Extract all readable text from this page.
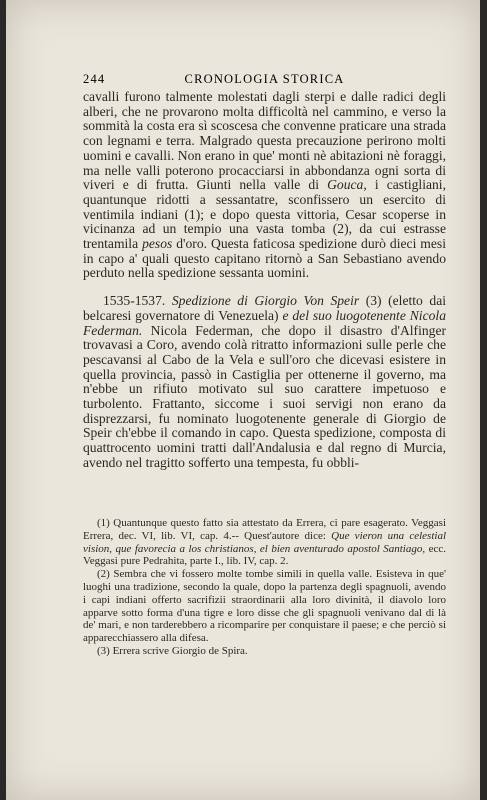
244	CRONOLOGIA STORICA

cavalli furono talmente molestati dagli sterpi e dalle radici degli alberi, che ne provarono molta difficoltà nel cammino, e verso la sommità la costa era sì scoscesa che convenne praticare una strada con legnami e terra. Malgrado questa precauzione perirono molti uomini e cavalli. Non erano in que' monti nè abitazioni nè foraggi, ma nelle valli poterono procacciarsi in abbondanza ogni sorta di viveri e di frutta. Giunti nella valle di Gouca, i castigliani, quantunque ridotti a sessantatre, sconfissero un esercito di ventimila indiani (1); e dopo questa vittoria, Cesar scoperse in vicinanza ad un tempio una vasta tomba (2), da cui estrasse trentamila pesos d'oro. Questa faticosa spedizione durò dieci mesi in capo a' quali questo capitano ritornò a San Sebastiano avendo perduto nella spedizione sessanta uomini.

1535-1537. Spedizione di Giorgio Von Speir (3) (eletto dai belcaresi governatore di Venezuela) e del suo luogotenente Nicola Federman. Nicola Federman, che dopo il disastro d'Alfinger trovavasi a Coro, avendo colà ritratto informazioni sulle perle che pescavansi al Cabo de la Vela e sull'oro che dicevasi esistere in quella provincia, passò in Castiglia per ottenerne il governo, ma n'ebbe un rifiuto motivato sul suo carattere impetuoso e turbolento. Frattanto, siccome i suoi servigi non erano da disprezzarsi, fu nominato luogotenente generale di Giorgio de Speir ch'ebbe il comando in capo. Questa spedizione, composta di quattrocento uomini tratti dall'Andalusia e dal regno di Murcia, avendo nel tragitto sofferto una tempesta, fu obbli-

(1) Quantunque questo fatto sia attestato da Errera, ci pare esagerato. Veggasi Errera, dec. VI, lib. VI, cap. 4.-- Quest'autore dice: Que vieron una celestial vision, que favorecia a los christianos, el bien aventurado apostol Santiago, ecc. Veggasi pure Pedrahita, parte I., lib. IV, cap. 2.

(2) Sembra che vi fossero molte tombe simili in quella valle. Esisteva in que' luoghi una tradizione, secondo la quale, dopo la partenza degli spagnuoli, avendo i capi indiani offerto sacrifizii straordinarii alla loro divinità, il diavolo loro apparve sotto forma d'una tigre e loro disse che gli spagnuoli venivano dal di là de' mari, e non tarderebbero a ricomparire per conquistare il paese; e che perciò si apparecchiassero alla difesa.

(3) Errera scrive Giorgio de Spira.
